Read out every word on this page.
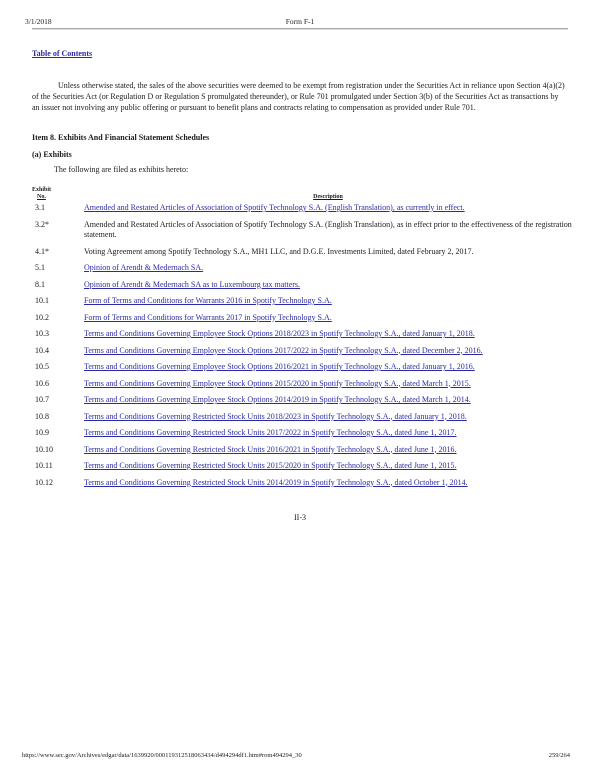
3/1/2018	Form F-1
Table of Contents
Unless otherwise stated, the sales of the above securities were deemed to be exempt from registration under the Securities Act in reliance upon Section 4(a)(2) of the Securities Act (or Regulation D or Regulation S promulgated thereunder), or Rule 701 promulgated under Section 3(b) of the Securities Act as transactions by an issuer not involving any public offering or pursuant to benefit plans and contracts relating to compensation as provided under Rule 701.
Item 8. Exhibits And Financial Statement Schedules
(a) Exhibits
The following are filed as exhibits hereto:
Exhibit
No.	Description
3.1	Amended and Restated Articles of Association of Spotify Technology S.A. (English Translation), as currently in effect.
3.2*	Amended and Restated Articles of Association of Spotify Technology S.A. (English Translation), as in effect prior to the effectiveness of the registration statement.
4.1*	Voting Agreement among Spotify Technology S.A., MH1 LLC, and D.G.E. Investments Limited, dated February 2, 2017.
5.1	Opinion of Arendt & Medernach SA.
8.1	Opinion of Arendt & Medernach SA as to Luxembourg tax matters.
10.1	Form of Terms and Conditions for Warrants 2016 in Spotify Technology S.A.
10.2	Form of Terms and Conditions for Warrants 2017 in Spotify Technology S.A.
10.3	Terms and Conditions Governing Employee Stock Options 2018/2023 in Spotify Technology S.A., dated January 1, 2018.
10.4	Terms and Conditions Governing Employee Stock Options 2017/2022 in Spotify Technology S.A., dated December 2, 2016.
10.5	Terms and Conditions Governing Employee Stock Options 2016/2021 in Spotify Technology S.A., dated January 1, 2016.
10.6	Terms and Conditions Governing Employee Stock Options 2015/2020 in Spotify Technology S.A., dated March 1, 2015.
10.7	Terms and Conditions Governing Employee Stock Options 2014/2019 in Spotify Technology S.A., dated March 1, 2014.
10.8	Terms and Conditions Governing Restricted Stock Units 2018/2023 in Spotify Technology S.A., dated January 1, 2018.
10.9	Terms and Conditions Governing Restricted Stock Units 2017/2022 in Spotify Technology S.A., dated June 1, 2017.
10.10	Terms and Conditions Governing Restricted Stock Units 2016/2021 in Spotify Technology S.A., dated June 1, 2016.
10.11	Terms and Conditions Governing Restricted Stock Units 2015/2020 in Spotify Technology S.A., dated June 1, 2015.
10.12	Terms and Conditions Governing Restricted Stock Units 2014/2019 in Spotify Technology S.A., dated October 1, 2014.
II-3
https://www.sec.gov/Archives/edgar/data/1639920/000119312518063434/d494294df1.htm#rom494294_30	259/264
